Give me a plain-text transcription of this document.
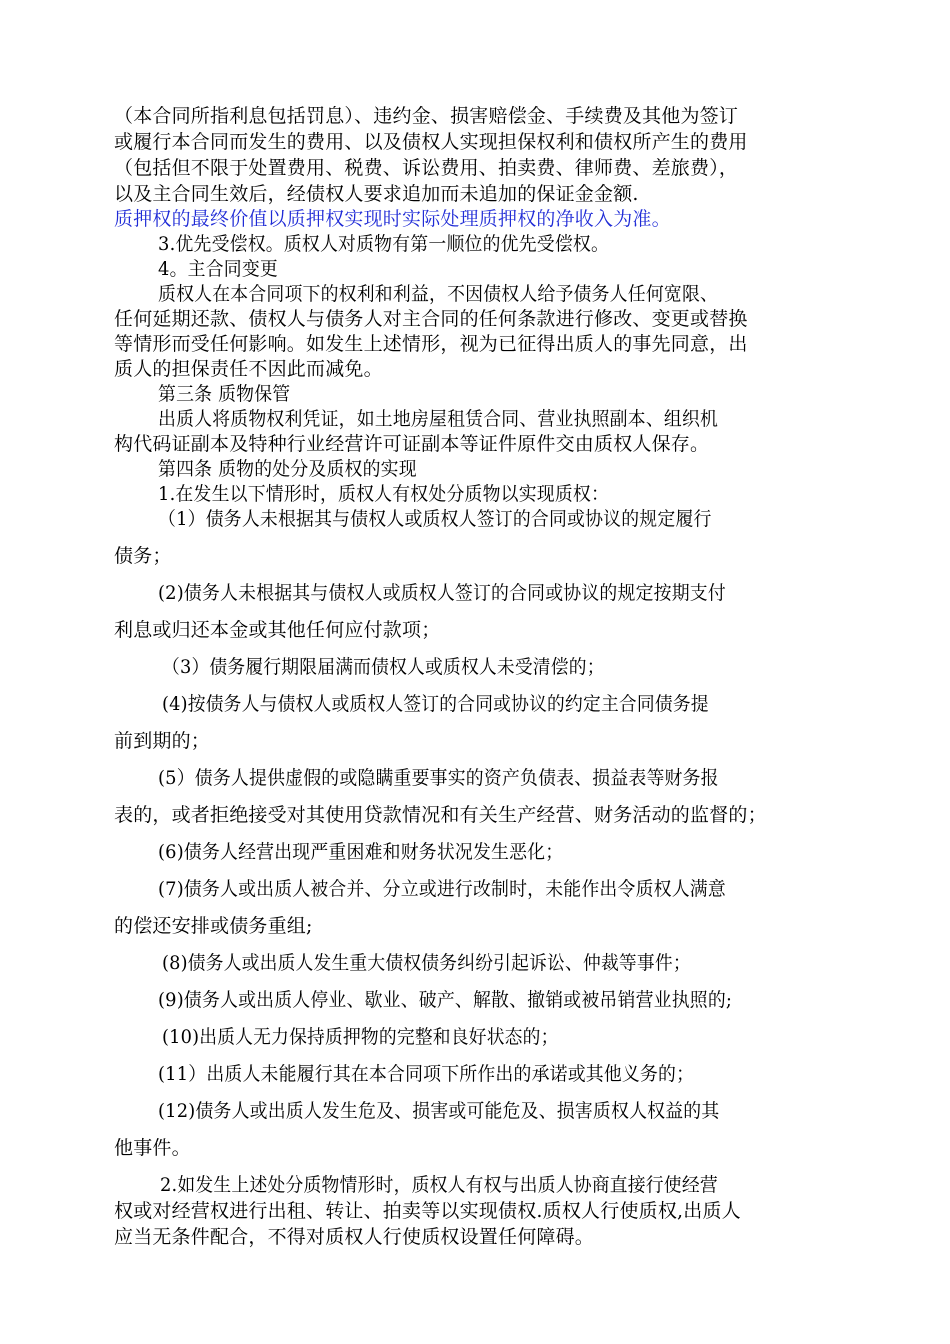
（本合同所指利息包括罚息）、违约金、损害赔偿金、手续费及其他为签订
或履行本合同而发生的费用、以及债权人实现担保权利和债权所产生的费用
（包括但不限于处置费用、税费、诉讼费用、拍卖费、律师费、差旅费），
以及主合同生效后，经债权人要求追加而未追加的保证金金额.
质押权的最终价值以质押权实现时实际处理质押权的净收入为准。
3.优先受偿权。质权人对质物有第一顺位的优先受偿权。
4。主合同变更
质权人在本合同项下的权利和利益，不因债权人给予债务人任何宽限、
任何延期还款、债权人与债务人对主合同的任何条款进行修改、变更或替换
等情形而受任何影响。如发生上述情形，视为已征得出质人的事先同意，出
质人的担保责任不因此而减免。
第三条 质物保管
出质人将质物权利凭证，如土地房屋租赁合同、营业执照副本、组织机
构代码证副本及特种行业经营许可证副本等证件原件交由质权人保存。
第四条 质物的处分及质权的实现
1.在发生以下情形时，质权人有权处分质物以实现质权：
（1）债务人未根据其与债权人或质权人签订的合同或协议的规定履行
债务；
(2)债务人未根据其与债权人或质权人签订的合同或协议的规定按期支付
利息或归还本金或其他任何应付款项；
（3）债务履行期限届满而债权人或质权人未受清偿的；
(4)按债务人与债权人或质权人签订的合同或协议的约定主合同债务提
前到期的；
(5）债务人提供虚假的或隐瞒重要事实的资产负债表、损益表等财务报
表的，或者拒绝接受对其使用贷款情况和有关生产经营、财务活动的监督的；
(6)债务人经营出现严重困难和财务状况发生恶化；
(7)债务人或出质人被合并、分立或进行改制时，未能作出令质权人满意
的偿还安排或债务重组;
(8)债务人或出质人发生重大债权债务纠纷引起诉讼、仲裁等事件；
(9)债务人或出质人停业、歇业、破产、解散、撤销或被吊销营业执照的;
(10)出质人无力保持质押物的完整和良好状态的；
(11）出质人未能履行其在本合同项下所作出的承诺或其他义务的；
(12)债务人或出质人发生危及、损害或可能危及、损害质权人权益的其
他事件。
2.如发生上述处分质物情形时，质权人有权与出质人协商直接行使经营
权或对经营权进行出租、转让、拍卖等以实现债权.质权人行使质权,出质人
应当无条件配合，不得对质权人行使质权设置任何障碍。
